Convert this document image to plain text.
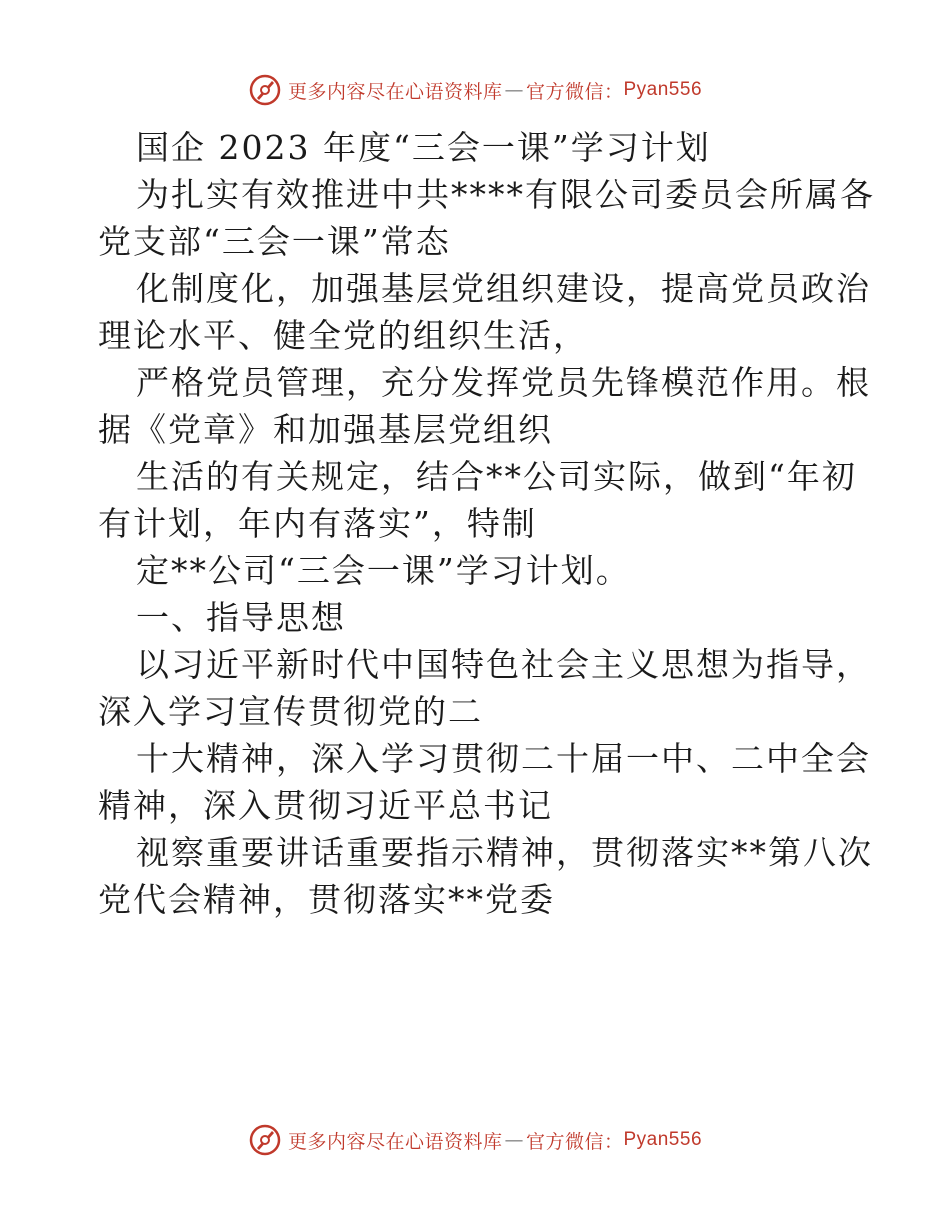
更多内容尽在心语资料库 — 官方微信： Pyan556

国企 2023 年度“三会一课”学习计划

为扎实有效推进中共****有限公司委员会所属各

党支部“三会一课”常态

化制度化，加强基层党组织建设，提高党员政治

理论水平、健全党的组织生活，

严格党员管理，充分发挥党员先锋模范作用。根

据《党章》和加强基层党组织

生活的有关规定，结合**公司实际，做到“年初

有计划，年内有落实”，特制

定**公司“三会一课”学习计划。

一、指导思想

以习近平新时代中国特色社会主义思想为指导，

深入学习宣传贯彻党的二

十大精神，深入学习贯彻二十届一中、二中全会

精神，深入贯彻习近平总书记

视察重要讲话重要指示精神，贯彻落实**第八次

党代会精神，贯彻落实**党委

更多内容尽在心语资料库 — 官方微信： Pyan556
